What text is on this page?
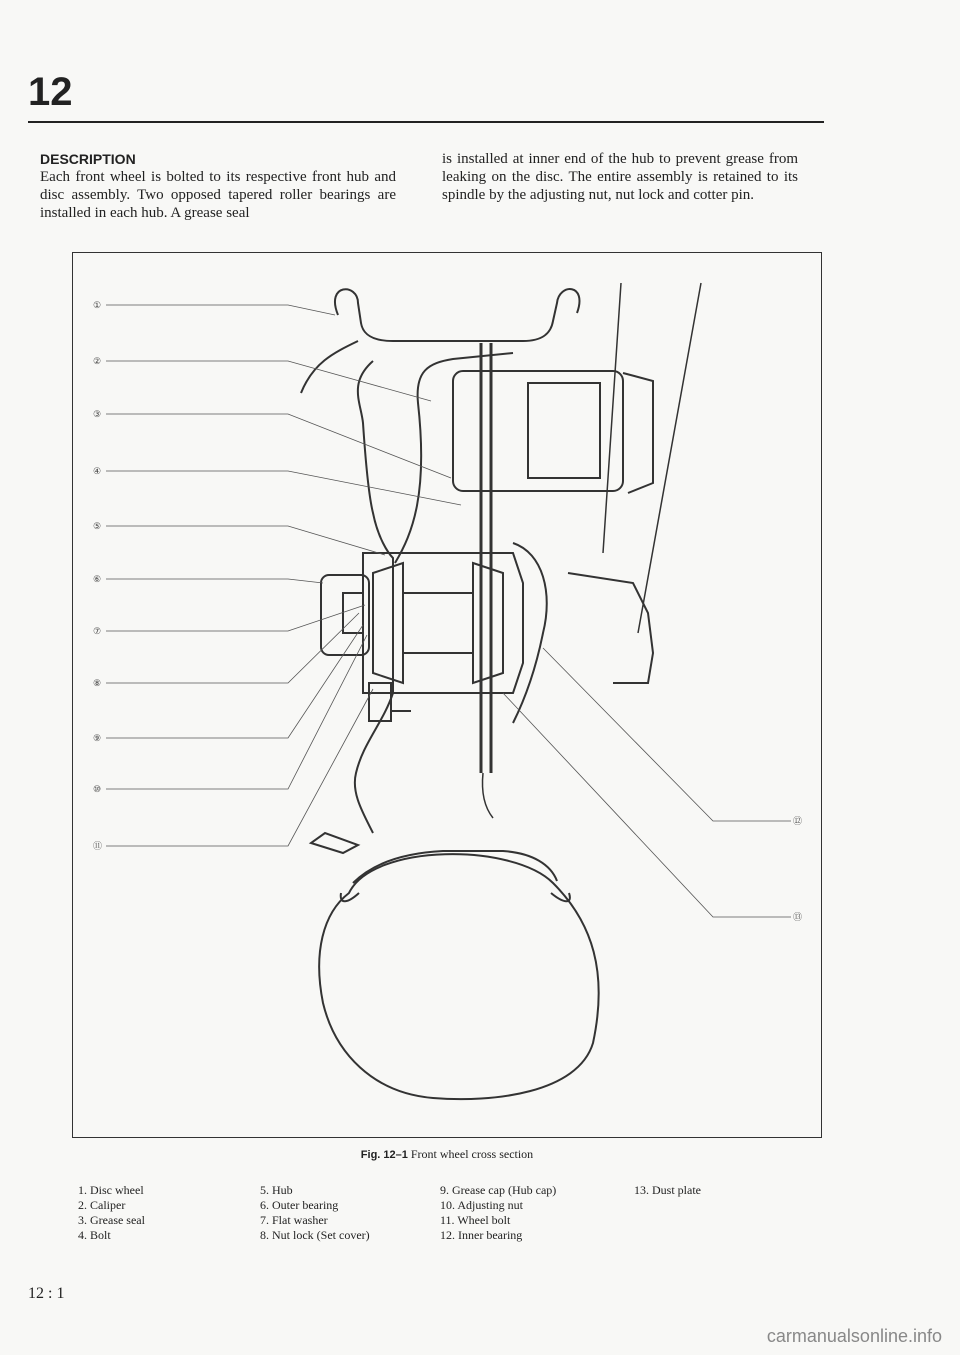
12

DESCRIPTION
Each front wheel is bolted to its respective front hub and disc assembly. Two opposed tapered roller bearings are installed in each hub. A grease seal

is installed at inner end of the hub to prevent grease from leaking on the disc. The entire assembly is retained to its spindle by the adjusting nut, nut lock and cotter pin.

①
②
③
④
⑤
⑥
⑦
⑧
⑨
⑩
⑪
⑫
⑬

Fig. 12–1 Front wheel cross section

1. Disc wheel
2. Caliper
3. Grease seal
4. Bolt
5. Hub
6. Outer bearing
7. Flat washer
8. Nut lock (Set cover)
9. Grease cap (Hub cap)
10. Adjusting nut
11. Wheel bolt
12. Inner bearing
13. Dust plate

12 : 1

carmanualsonline.info
